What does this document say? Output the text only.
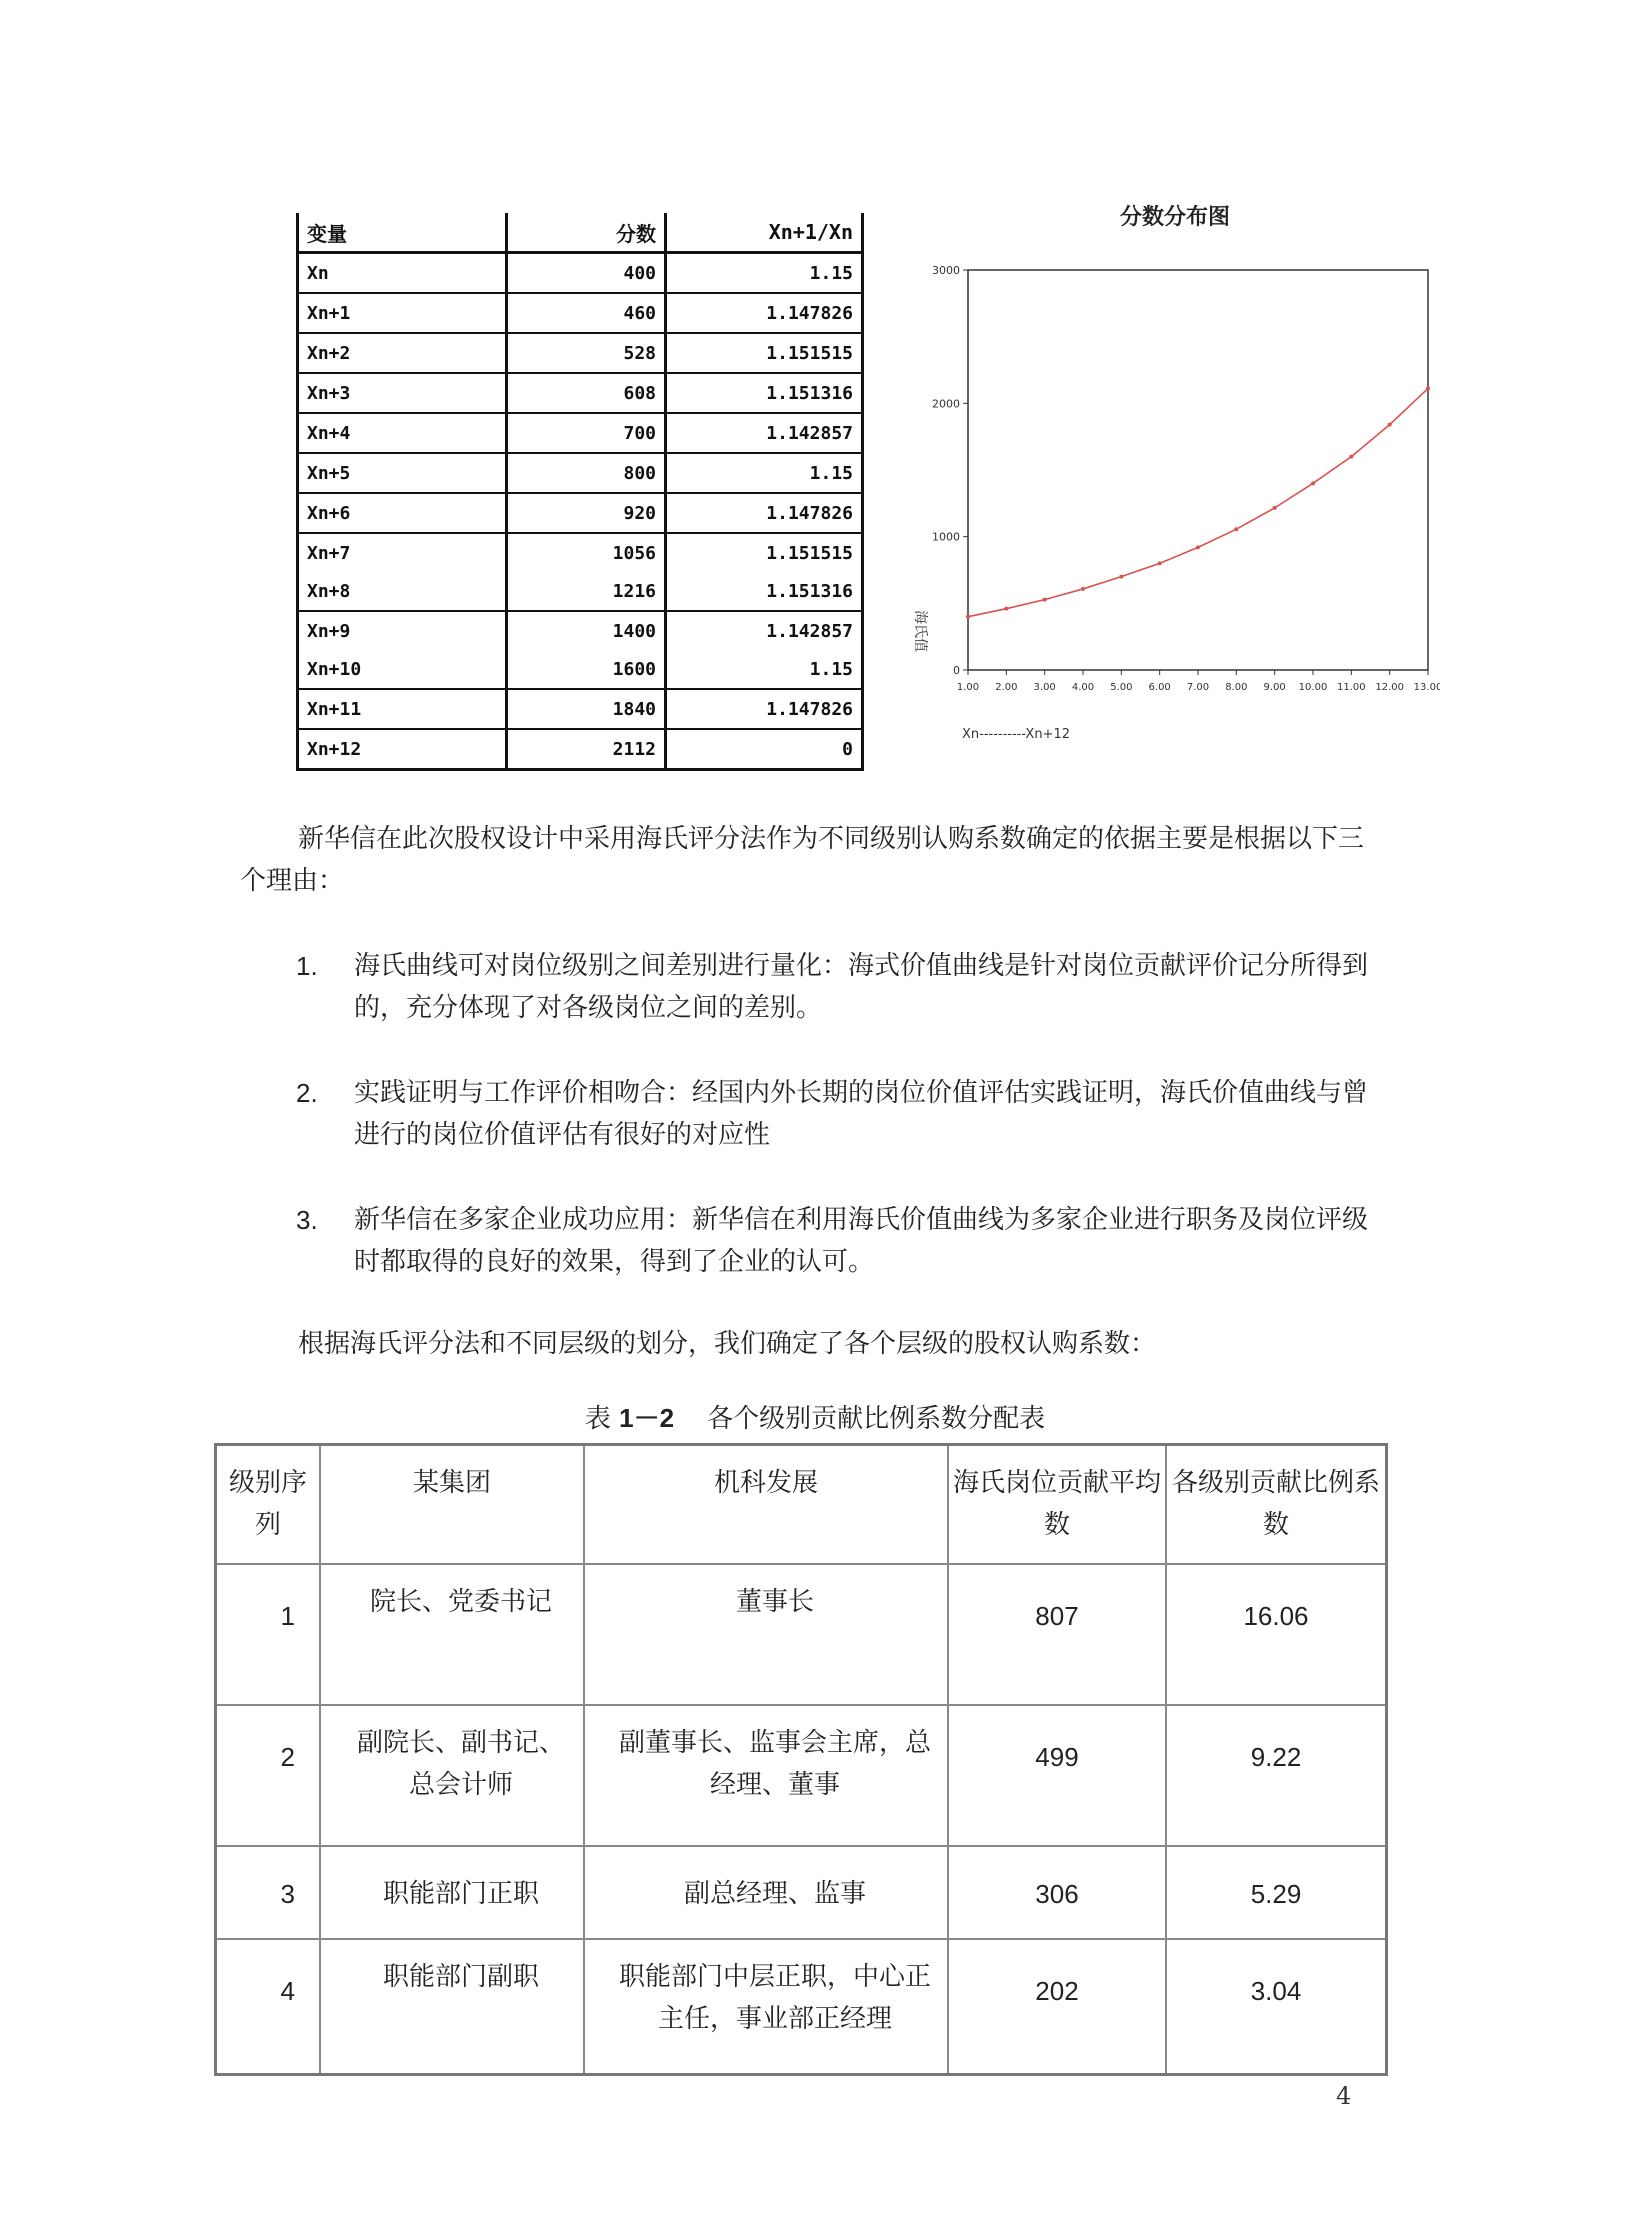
变量	分数	Xn+1/Xn
Xn	400	1.15
Xn+1	460	1.147826
Xn+2	528	1.151515
Xn+3	608	1.151316
Xn+4	700	1.142857
Xn+5	800	1.15
Xn+6	920	1.147826
Xn+7	1056	1.151515
Xn+8	1216	1.151316
Xn+9	1400	1.142857
Xn+10	1600	1.15
Xn+11	1840	1.147826
Xn+12	2112	0
分数分布图
0
1000
2000
3000
1.00 2.00 3.00 4.00 5.00 6.00 7.00 8.00 9.00 10.00 11.00 12.00 13.00
海氏值
Xn----------Xn+12
新华信在此次股权设计中采用海氏评分法作为不同级别认购系数确定的依据主要是根据以下三个理由：
1. 海氏曲线可对岗位级别之间差别进行量化：海式价值曲线是针对岗位贡献评价记分所得到的，充分体现了对各级岗位之间的差别。
2. 实践证明与工作评价相吻合：经国内外长期的岗位价值评估实践证明，海氏价值曲线与曾进行的岗位价值评估有很好的对应性
3. 新华信在多家企业成功应用：新华信在利用海氏价值曲线为多家企业进行职务及岗位评级时都取得的良好的效果，得到了企业的认可。
根据海氏评分法和不同层级的划分，我们确定了各个层级的股权认购系数：
表 1－2 各个级别贡献比例系数分配表
级别序列	某集团	机科发展	海氏岗位贡献平均数	各级别贡献比例系数
1	院长、党委书记	董事长	807	16.06
2	副院长、副书记、总会计师	副董事长、监事会主席，总经理、董事	499	9.22
3	职能部门正职	副总经理、监事	306	5.29
4	职能部门副职	职能部门中层正职，中心正主任，事业部正经理	202	3.04
4
